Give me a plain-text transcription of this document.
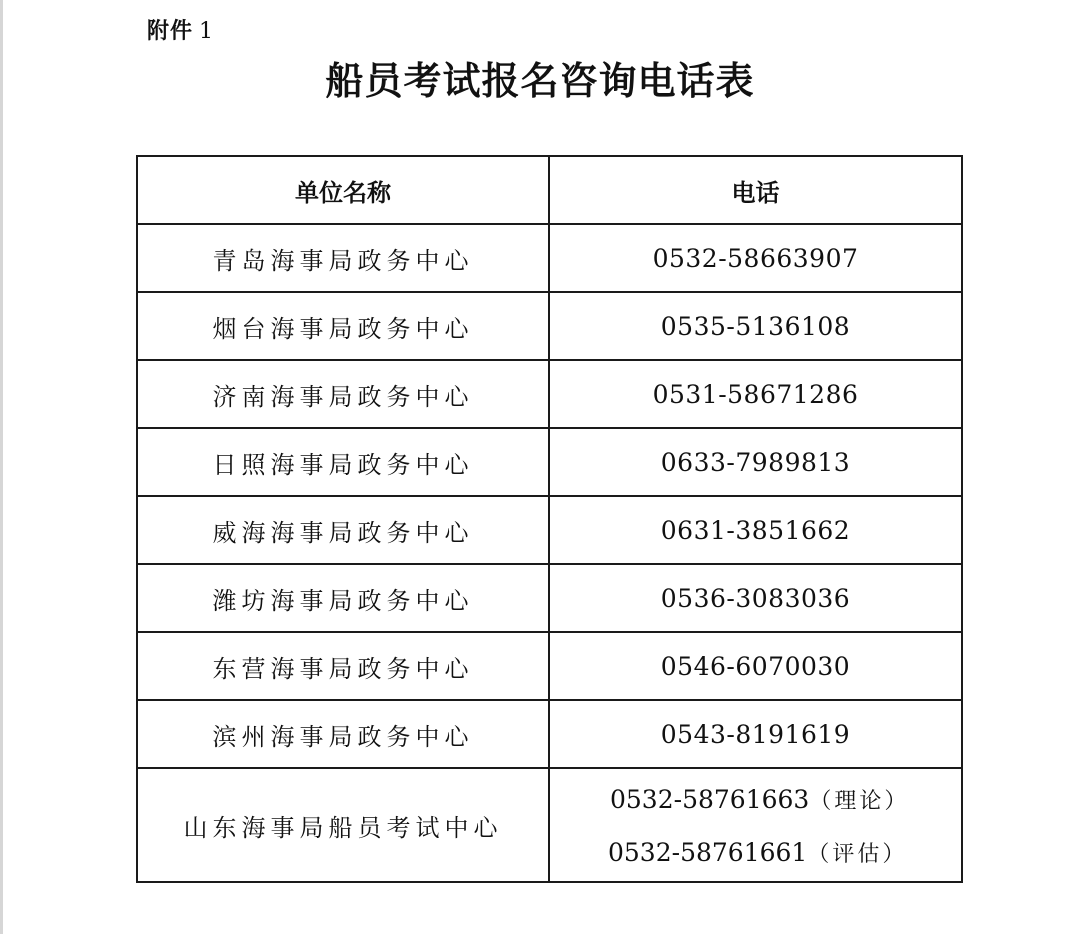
附件 1
船员考试报名咨询电话表
单位名称	电话
青岛海事局政务中心	0532-58663907
烟台海事局政务中心	0535-5136108
济南海事局政务中心	0531-58671286
日照海事局政务中心	0633-7989813
威海海事局政务中心	0631-3851662
潍坊海事局政务中心	0536-3083036
东营海事局政务中心	0546-6070030
滨州海事局政务中心	0543-8191619
山东海事局船员考试中心	0532-58761663（理论）
0532-58761661（评估）
